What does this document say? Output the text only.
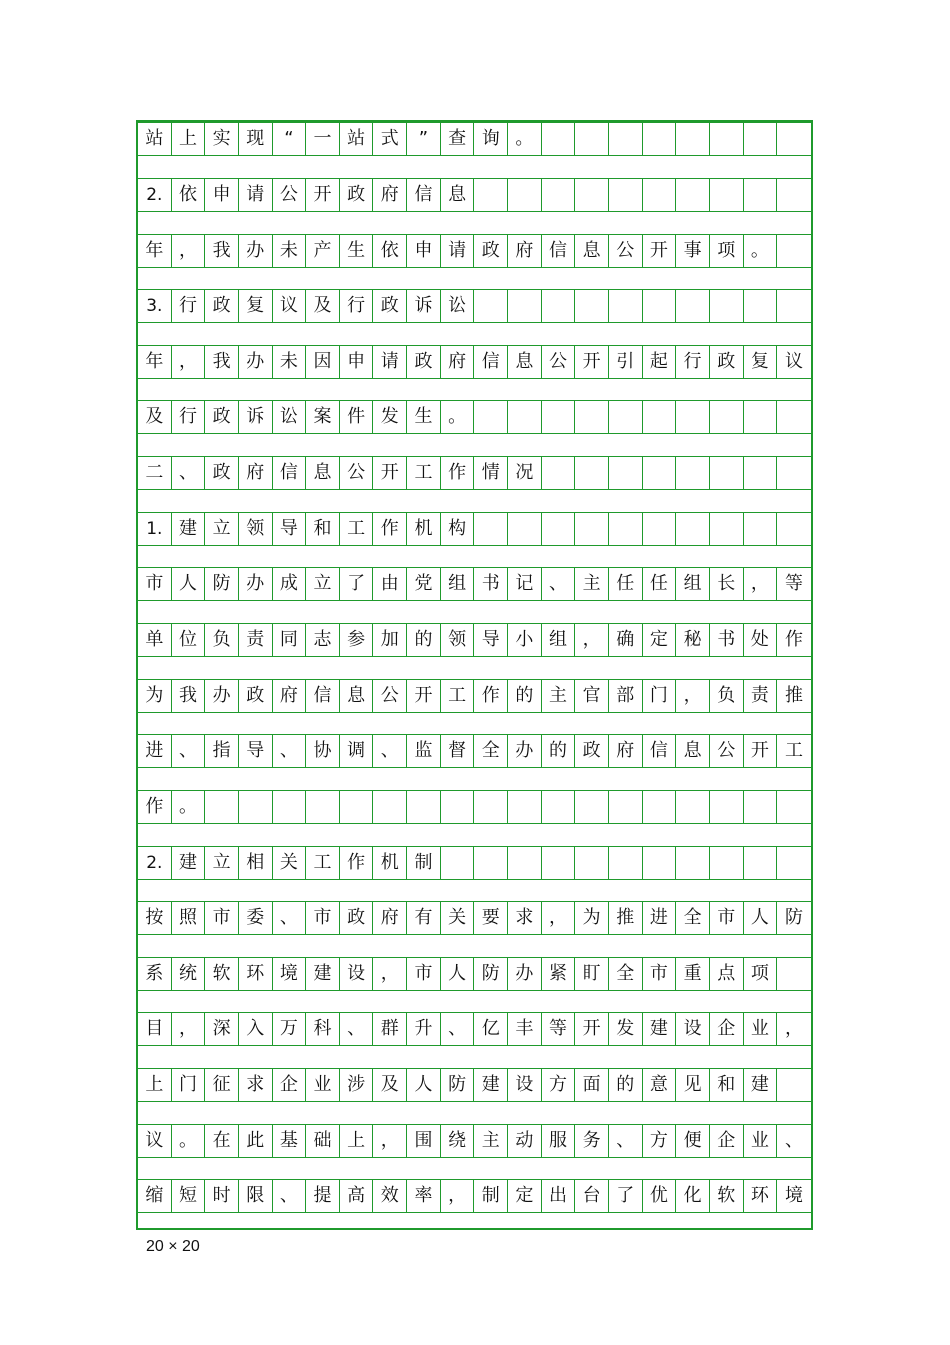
站 上 实 现	“	一 站 式	”	查 询 。
2. 依 申 请 公 开 政 府 信 息
年 ， 我 办 未 产 生 依 申 请 政 府 信 息 公 开 事 项 。
3. 行 政 复 议 及 行 政 诉 讼
年 ， 我 办 未 因 申 请 政 府 信 息 公 开 引 起 行 政 复 议
及 行 政 诉 讼 案 件 发 生 。
二 、 政 府 信 息 公 开 工 作 情 况
1. 建 立 领 导 和 工 作 机 构
市 人 防 办 成 立 了 由 党 组 书 记 、 主 任 任 组 长 ， 等
单 位 负 责 同 志 参 加 的 领 导 小 组 ， 确 定 秘 书 处 作
为 我 办 政 府 信 息 公 开 工 作 的 主 官 部 门 ， 负 责 推
进 、 指 导 、 协 调 、 监 督 全 办 的 政 府 信 息 公 开 工
作 。
2. 建 立 相 关 工 作 机 制
按 照 市 委 、 市 政 府 有 关 要 求 ， 为 推 进 全 市 人 防
系 统 软 环 境 建 设 ， 市 人 防 办 紧 盯 全 市 重 点 项
目 ， 深 入 万 科 、 群 升 、 亿 丰 等 开 发 建 设 企 业 ，
上 门 征 求 企 业 涉 及 人 防 建 设 方 面 的 意 见 和 建
议 。 在 此 基 础 上 ， 围 绕 主 动 服 务 、 方 便 企 业 、
缩 短 时 限 、 提 高 效 率 ， 制 定 出 台 了 优 化 软 环 境
20 × 20
